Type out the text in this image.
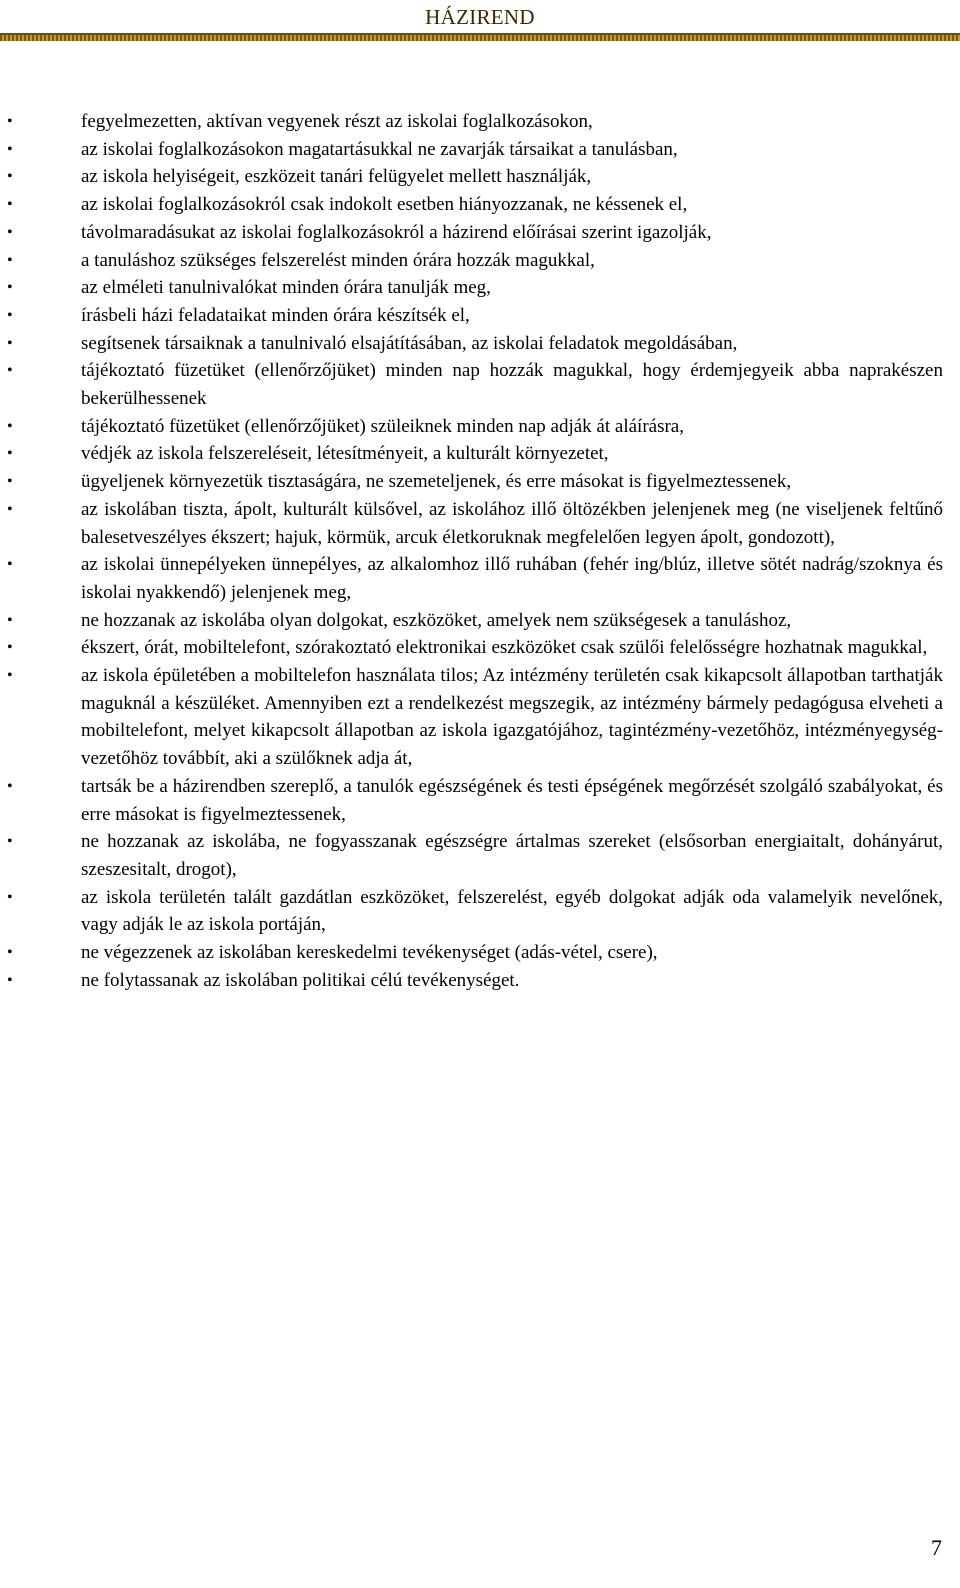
HÁZIREND
•	fegyelmezetten, aktívan vegyenek részt az iskolai foglalkozásokon,
•	az iskolai foglalkozásokon magatartásukkal ne zavarják társaikat a tanulásban,
•	az iskola helyiségeit, eszközeit tanári felügyelet mellett használják,
•	az iskolai foglalkozásokról csak indokolt esetben hiányozzanak, ne késsenek el,
•	távolmaradásukat az iskolai foglalkozásokról a házirend előírásai szerint igazolják,
•	a tanuláshoz szükséges felszerelést minden órára hozzák magukkal,
•	az elméleti tanulnivalókat minden órára tanulják meg,
•	írásbeli házi feladataikat minden órára készítsék el,
•	segítsenek társaiknak a tanulnivaló elsajátításában, az iskolai feladatok megoldásában,
•	tájékoztató füzetüket (ellenőrzőjüket) minden nap hozzák magukkal, hogy érdemjegyeik abba naprakészen bekerülhessenek
•	tájékoztató füzetüket (ellenőrzőjüket) szüleiknek minden nap adják át aláírásra,
•	védjék az iskola felszereléseit, létesítményeit, a kulturált környezetet,
•	ügyeljenek környezetük tisztaságára, ne szemeteljenek, és erre másokat is figyelmeztessenek,
•	az iskolában tiszta, ápolt, kulturált külsővel, az iskolához illő öltözékben jelenjenek meg (ne viseljenek feltűnő balesetveszélyes ékszert; hajuk, körmük, arcuk életkoruknak megfelelően legyen ápolt, gondozott),
•	az iskolai ünnepélyeken ünnepélyes, az alkalomhoz illő ruhában (fehér ing/blúz, illetve sötét nadrág/szoknya és iskolai nyakkendő) jelenjenek meg,
•	ne hozzanak az iskolába olyan dolgokat, eszközöket, amelyek nem szükségesek a tanuláshoz,
•	ékszert, órát, mobiltelefont, szórakoztató elektronikai eszközöket csak szülői felelősségre hozhatnak magukkal,
•	az iskola épületében a mobiltelefon használata tilos; Az intézmény területén csak kikapcsolt állapotban tarthatják maguknál a készüléket. Amennyiben ezt a rendelkezést megszegik, az intézmény bármely pedagógusa elveheti a mobiltelefont, melyet kikapcsolt állapotban az iskola igazgatójához, tagintézmény-vezetőhöz, intézményegység-vezetőhöz továbbít, aki a szülőknek adja át,
•	tartsák be a házirendben szereplő, a tanulók egészségének és testi épségének megőrzését szolgáló szabályokat, és erre másokat is figyelmeztessenek,
•	ne hozzanak az iskolába, ne fogyasszanak egészségre ártalmas szereket (elsősorban energiaitalt, dohányárut, szeszesitalt, drogot),
•	az iskola területén talált gazdátlan eszközöket, felszerelést, egyéb dolgokat adják oda valamelyik nevelőnek, vagy adják le az iskola portáján,
•	ne végezzenek az iskolában kereskedelmi tevékenységet (adás-vétel, csere),
•	ne folytassanak az iskolában politikai célú tevékenységet.
7
